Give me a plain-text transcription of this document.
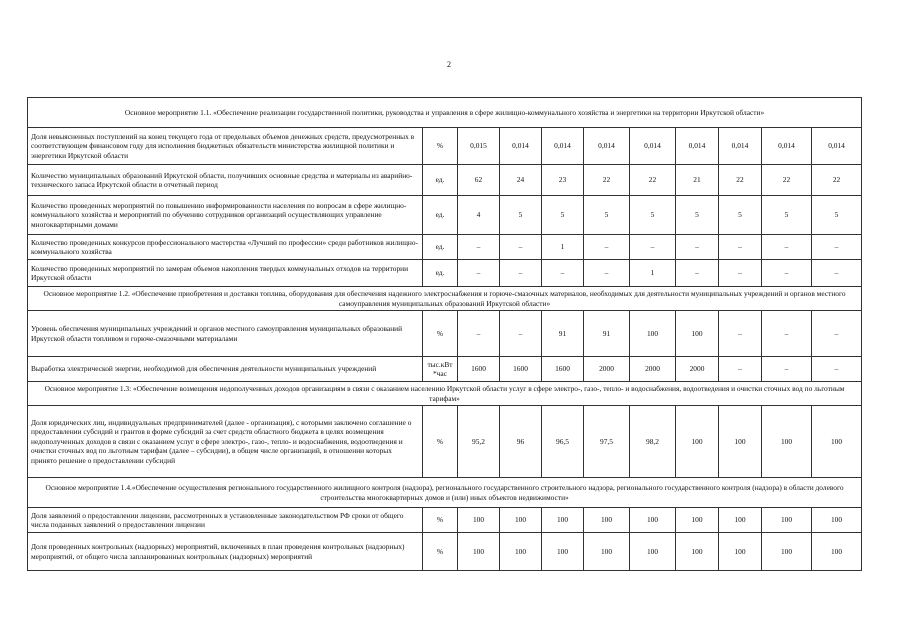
2
Основное мероприятие 1.1. «Обеспечение реализации государственной политики, руководства и управления в сфере жилищно-коммунального хозяйства и энергетики на территории Иркутской области»										
Доля невыясненных поступлений на конец текущего года от предельных объемов денежных средств, предусмотренных в соответствующем финансовом году для исполнения бюджетных обязательств министерства жилищной политики и энергетики Иркутской области	%	0,015	0,014	0,014	0,014	0,014	0,014	0,014	0,014	0,014
Количество муниципальных образований Иркутской области, получивших основные средства и материалы из аварийно-технического запаса Иркутской области в отчетный период	ед.	62	24	23	22	22	21	22	22	22
Количество проведенных мероприятий по повышению информированности населения по вопросам в сфере жилищно-коммунального хозяйства и мероприятий по обучению сотрудников организаций осуществляющих управление многоквартирными домами	ед.	4	5	5	5	5	5	5	5	5
Количество проведенных конкурсов профессионального мастерства «Лучший по профессии» среди работников жилищно-коммунального хозяйства	ед.	–	–	1	–	–	–	–	–	–
Количество проведенных мероприятий по замерам объемов накопления твердых коммунальных отходов на территории Иркутской области	ед.	–	–	–	–	1	–	–	–	–
Основное мероприятие 1.2. «Обеспечение приобретения и доставки топлива, оборудования для обеспечения надежного электроснабжения и горюче-смазочных материалов, необходимых для деятельности муниципальных учреждений и органов местного самоуправления муниципальных образований Иркутской области»										
Уровень обеспечения муниципальных учреждений и органов местного самоуправления муниципальных образований Иркутской области топливом и горюче-смазочными материалами	%	–	–	91	91	100	100	–	–	–
Выработка электрической энергии, необходимой для обеспечения деятельности муниципальных учреждений	тыс.кВт *час	1600	1600	1600	2000	2000	2000	–	–	–
Основное мероприятие 1.3: «Обеспечение возмещения недополученных доходов организациям в связи с оказанием населению Иркутской области услуг в сфере электро-, газо-, тепло- и водоснабжения, водоотведения и очистки сточных вод по льготным тарифам»										
Доля юридических лиц, индивидуальных предпринимателей (далее - организация), с которыми заключено соглашение о предоставлении субсидий и грантов в форме субсидий за счет средств областного бюджета в целях возмещения недополученных доходов в связи с оказанием услуг в сфере электро-, газо-, тепло- и водоснабжения, водоотведения и очистки сточных вод по льготным тарифам (далее – субсидии), в общем числе организаций, в отношении которых принято решение о предоставлении субсидий	%	95,2	96	96,5	97,5	98,2	100	100	100	100
Основное мероприятие 1.4.«Обеспечение осуществления регионального государственного жилищного контроля (надзора), регионального государственного строительного надзора, регионального государственного контроля (надзора) в области долевого строительства многоквартирных домов и (или) иных объектов недвижимости»										
Доля заявлений о предоставлении лицензии, рассмотренных в установленные законодательством РФ сроки от общего числа поданных заявлений о предоставлении лицензии	%	100	100	100	100	100	100	100	100	100
Доля проведенных контрольных (надзорных) мероприятий, включенных в план проведения контрольных (надзорных) мероприятий, от общего числа запланированных контрольных (надзорных) мероприятий	%	100	100	100	100	100	100	100	100	100
